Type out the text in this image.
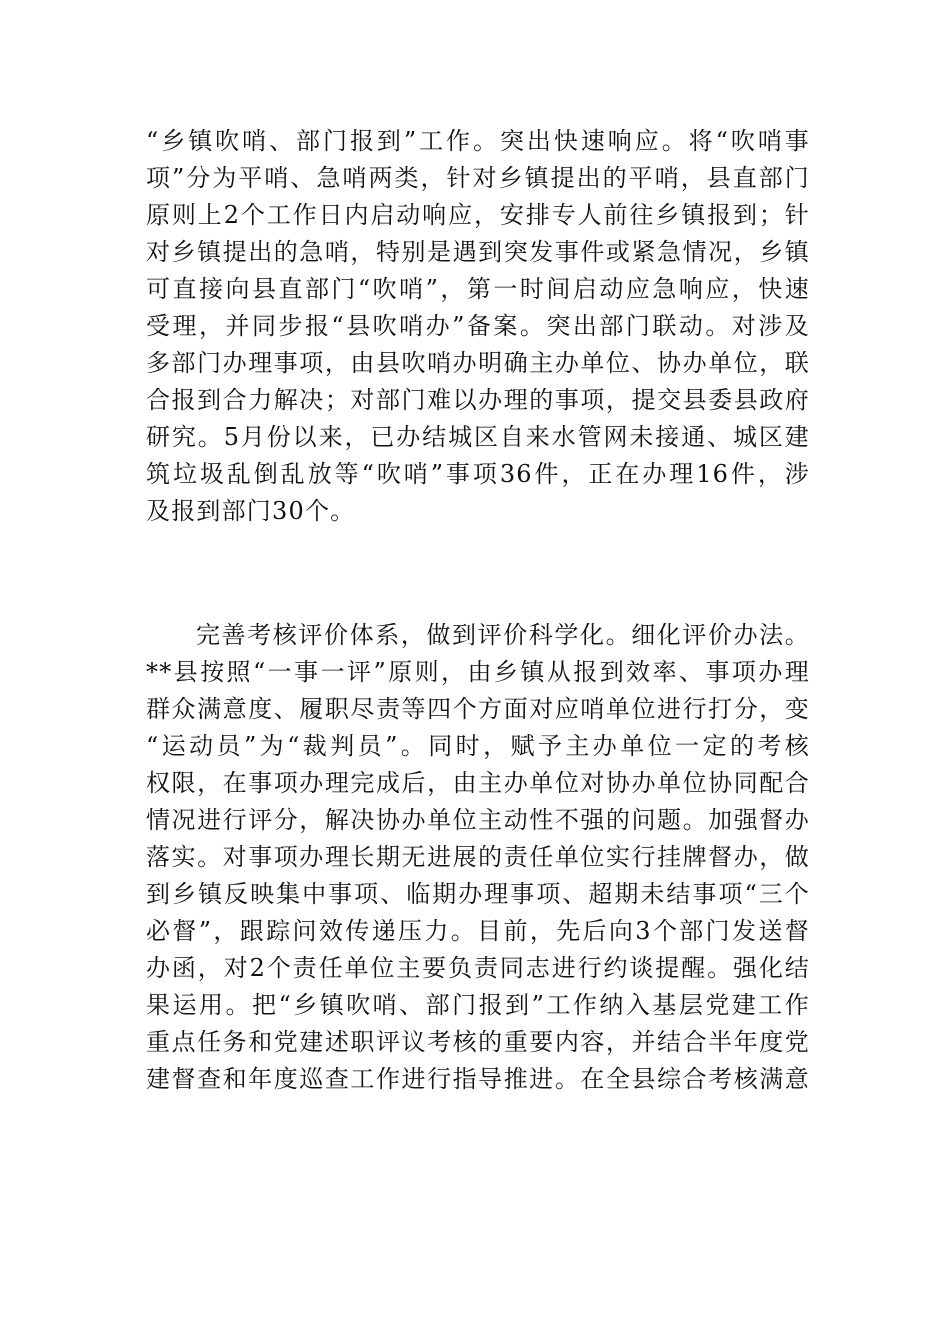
“乡镇吹哨、部门报到”工作。突出快速响应。将“吹哨事
项”分为平哨、急哨两类，针对乡镇提出的平哨，县直部门
原则上2个工作日内启动响应，安排专人前往乡镇报到；针
对乡镇提出的急哨，特别是遇到突发事件或紧急情况，乡镇
可直接向县直部门“吹哨”，第一时间启动应急响应，快速
受理，并同步报“县吹哨办”备案。突出部门联动。对涉及
多部门办理事项，由县吹哨办明确主办单位、协办单位，联
合报到合力解决；对部门难以办理的事项，提交县委县政府
研究。5月份以来，已办结城区自来水管网未接通、城区建
筑垃圾乱倒乱放等“吹哨”事项36件，正在办理16件，涉
及报到部门30个。
完善考核评价体系，做到评价科学化。细化评价办法。
**县按照“一事一评”原则，由乡镇从报到效率、事项办理
群众满意度、履职尽责等四个方面对应哨单位进行打分，变
“运动员”为“裁判员”。同时，赋予主办单位一定的考核
权限，在事项办理完成后，由主办单位对协办单位协同配合
情况进行评分，解决协办单位主动性不强的问题。加强督办
落实。对事项办理长期无进展的责任单位实行挂牌督办，做
到乡镇反映集中事项、临期办理事项、超期未结事项“三个
必督”，跟踪问效传递压力。目前，先后向3个部门发送督
办函，对2个责任单位主要负责同志进行约谈提醒。强化结
果运用。把“乡镇吹哨、部门报到”工作纳入基层党建工作
重点任务和党建述职评议考核的重要内容，并结合半年度党
建督查和年度巡查工作进行指导推进。在全县综合考核满意
